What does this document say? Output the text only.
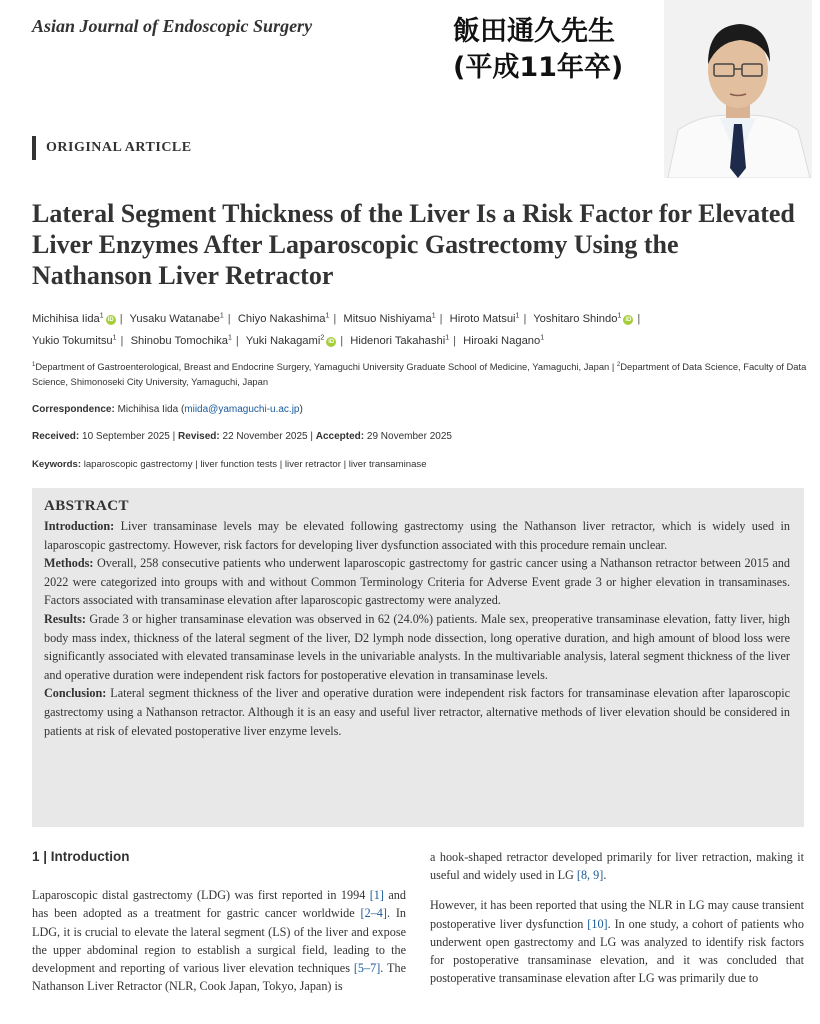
Asian Journal of Endoscopic Surgery	飯田通久先生
(平成11年卒)
ORIGINAL ARTICLE
Lateral Segment Thickness of the Liver Is a Risk Factor for Elevated Liver Enzymes After Laparoscopic Gastrectomy Using the Nathanson Liver Retractor
Michihisa Iida$^1$iD | Yusaku Watanabe$^1$ | Chiyo Nakashima$^1$ | Mitsuo Nishiyama$^1$ | Hiroto Matsui$^1$ | Yoshitaro Shindo$^1$iD |
Yukio Tokumitsu$^1$ | Shinobu Tomochika$^1$ | Yuki Nakagami$^2$iD | Hidenori Takahashi$^1$ | Hiroaki Nagano$^1$
$^1$Department of Gastroenterological, Breast and Endocrine Surgery, Yamaguchi University Graduate School of Medicine, Yamaguchi, Japan | $^2$Department of Data Science, Faculty of Data Science, Shimonoseki City University, Yamaguchi, Japan
Correspondence: Michihisa Iida (miida@yamaguchi-u.ac.jp)
Received: 10 September 2025 | Revised: 22 November 2025 | Accepted: 29 November 2025
Keywords: laparoscopic gastrectomy | liver function tests | liver retractor | liver transaminase
ABSTRACT

Introduction: Liver transaminase levels may be elevated following gastrectomy using the Nathanson liver retractor, which is widely used in laparoscopic gastrectomy. However, risk factors for developing liver dysfunction associated with this procedure remain unclear.

Methods: Overall, 258 consecutive patients who underwent laparoscopic gastrectomy for gastric cancer using a Nathanson retractor between 2015 and 2022 were categorized into groups with and without Common Terminology Criteria for Adverse Event grade 3 or higher elevation in transaminases. Factors associated with transaminase elevation after laparoscopic gastrectomy were analyzed.

Results: Grade 3 or higher transaminase elevation was observed in 62 (24.0%) patients. Male sex, preoperative transaminase elevation, fatty liver, high body mass index, thickness of the lateral segment of the liver, D2 lymph node dissection, long operative duration, and high amount of blood loss were significantly associated with elevated transaminase levels in the univariable analysts. In the multivariable analysis, lateral segment thickness of the liver and operative duration were independent risk factors for postoperative elevation in transaminase levels.

Conclusion: Lateral segment thickness of the liver and operative duration were independent risk factors for transaminase elevation after laparoscopic gastrectomy using a Nathanson retractor. Although it is an easy and useful liver retractor, alternative methods of liver elevation should be considered in patients at risk of elevated postoperative liver enzyme levels.

1 | Introduction

Laparoscopic distal gastrectomy (LDG) was first reported in 1994 [1] and has been adopted as a treatment for gastric cancer worldwide [2–4]. In LDG, it is crucial to elevate the lateral segment (LS) of the liver and expose the upper abdominal region to establish a surgical field, leading to the development and reporting of various liver elevation techniques [5–7]. The Nathanson Liver Retractor (NLR, Cook Japan, Tokyo, Japan) is

a hook-shaped retractor developed primarily for liver retraction, making it useful and widely used in LG [8, 9].

However, it has been reported that using the NLR in LG may cause transient postoperative liver dysfunction [10]. In one study, a cohort of patients who underwent open gastrectomy and LG was analyzed to identify risk factors for postoperative transaminase elevation, and it was concluded that postoperative transaminase elevation after LG was primarily due to
